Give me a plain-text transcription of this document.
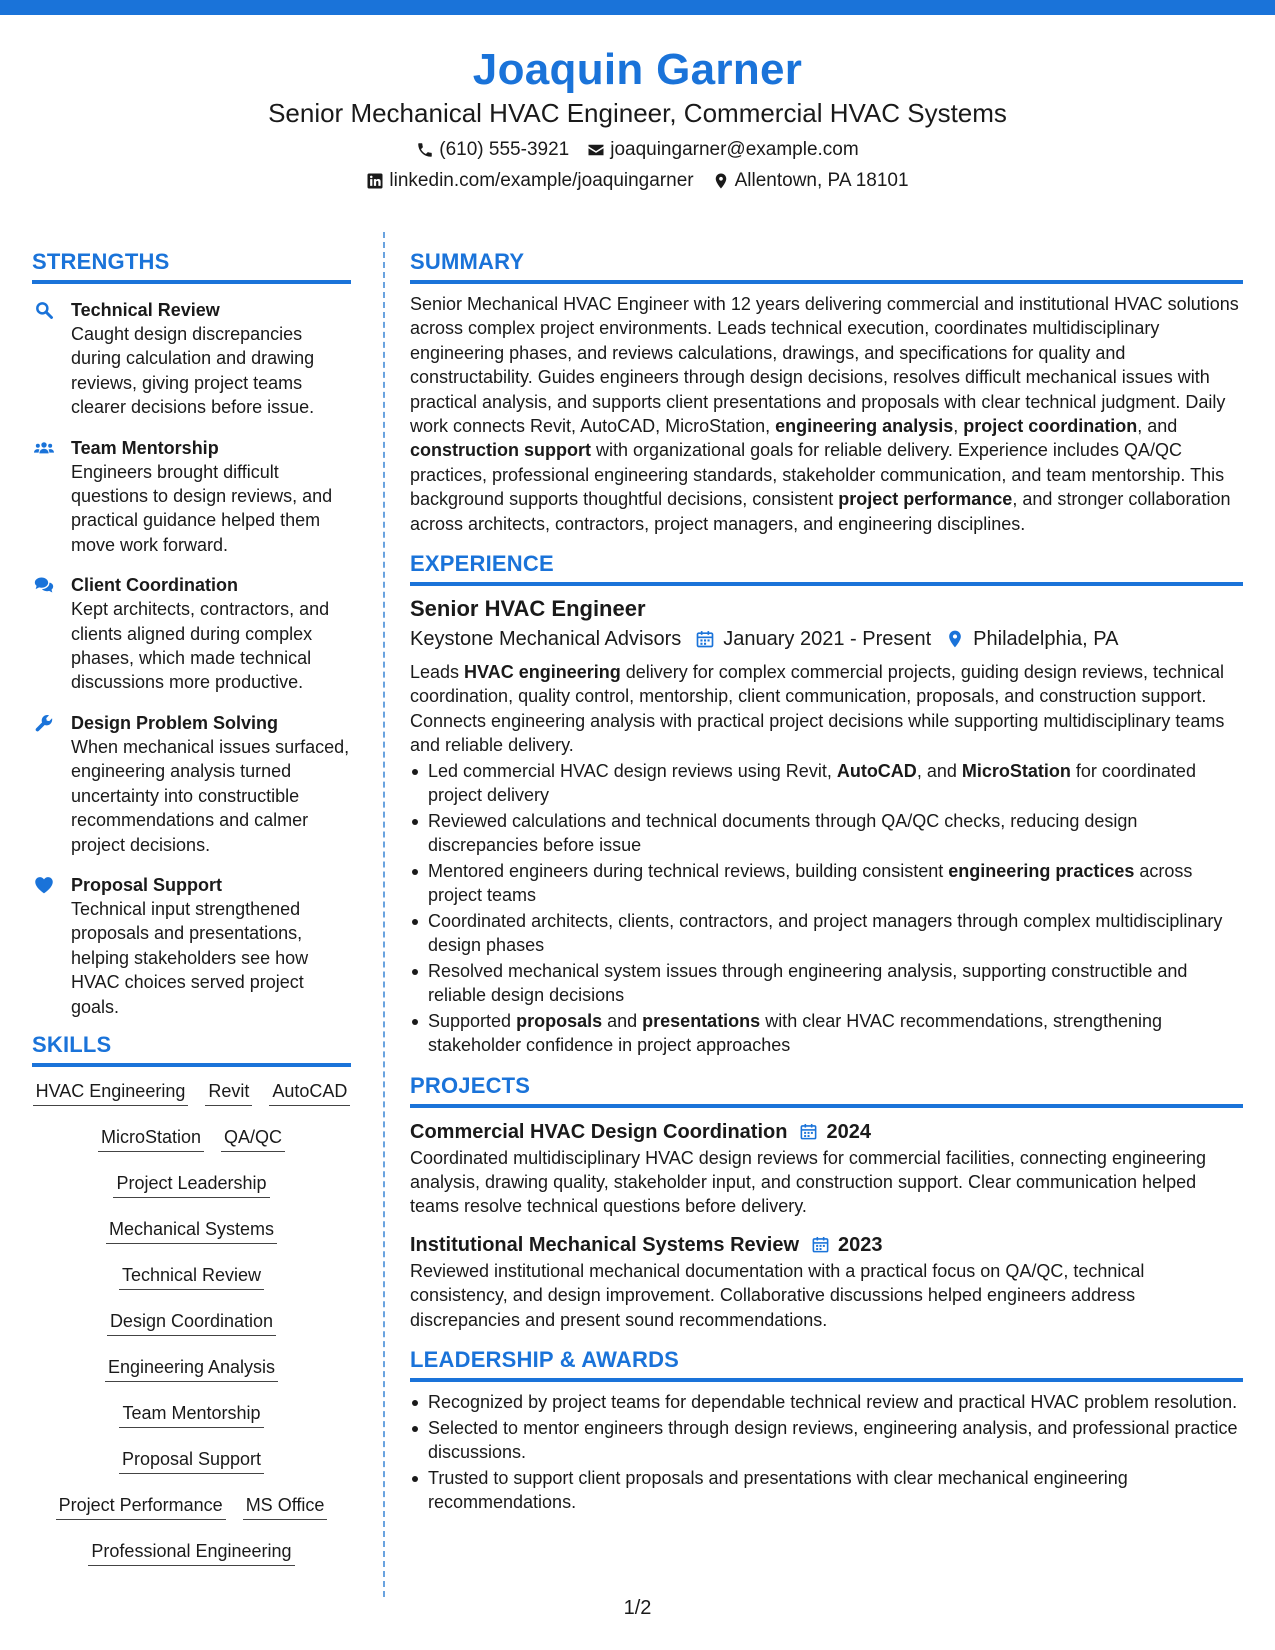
Joaquin Garner
Senior Mechanical HVAC Engineer, Commercial HVAC Systems
(610) 555-3921 joaquingarner@example.com
linkedin.com/example/joaquingarner Allentown, PA 18101
STRENGTHS
Technical Review
Caught design discrepancies during calculation and drawing reviews, giving project teams clearer decisions before issue.
Team Mentorship
Engineers brought difficult questions to design reviews, and practical guidance helped them move work forward.
Client Coordination
Kept architects, contractors, and clients aligned during complex phases, which made technical discussions more productive.
Design Problem Solving
When mechanical issues surfaced, engineering analysis turned uncertainty into constructible recommendations and calmer project decisions.
Proposal Support
Technical input strengthened proposals and presentations, helping stakeholders see how HVAC choices served project goals.
SKILLS
HVAC Engineering Revit AutoCAD
MicroStation QA/QC
Project Leadership
Mechanical Systems
Technical Review
Design Coordination
Engineering Analysis
Team Mentorship
Proposal Support
Project Performance MS Office
Professional Engineering
SUMMARY
Senior Mechanical HVAC Engineer with 12 years delivering commercial and institutional HVAC solutions across complex project environments. Leads technical execution, coordinates multidisciplinary engineering phases, and reviews calculations, drawings, and specifications for quality and constructability. Guides engineers through design decisions, resolves difficult mechanical issues with practical analysis, and supports client presentations and proposals with clear technical judgment. Daily work connects Revit, AutoCAD, MicroStation, engineering analysis, project coordination, and construction support with organizational goals for reliable delivery. Experience includes QA/QC practices, professional engineering standards, stakeholder communication, and team mentorship. This background supports thoughtful decisions, consistent project performance, and stronger collaboration across architects, contractors, project managers, and engineering disciplines.
EXPERIENCE
Senior HVAC Engineer
Keystone Mechanical Advisors January 2021 - Present Philadelphia, PA
Leads HVAC engineering delivery for complex commercial projects, guiding design reviews, technical coordination, quality control, mentorship, client communication, proposals, and construction support. Connects engineering analysis with practical project decisions while supporting multidisciplinary teams and reliable delivery.
Led commercial HVAC design reviews using Revit, AutoCAD, and MicroStation for coordinated project delivery
Reviewed calculations and technical documents through QA/QC checks, reducing design discrepancies before issue
Mentored engineers during technical reviews, building consistent engineering practices across project teams
Coordinated architects, clients, contractors, and project managers through complex multidisciplinary design phases
Resolved mechanical system issues through engineering analysis, supporting constructible and reliable design decisions
Supported proposals and presentations with clear HVAC recommendations, strengthening stakeholder confidence in project approaches
PROJECTS
Commercial HVAC Design Coordination 2024
Coordinated multidisciplinary HVAC design reviews for commercial facilities, connecting engineering analysis, drawing quality, stakeholder input, and construction support. Clear communication helped teams resolve technical questions before delivery.
Institutional Mechanical Systems Review 2023
Reviewed institutional mechanical documentation with a practical focus on QA/QC, technical consistency, and design improvement. Collaborative discussions helped engineers address discrepancies and present sound recommendations.
LEADERSHIP & AWARDS
Recognized by project teams for dependable technical review and practical HVAC problem resolution.
Selected to mentor engineers through design reviews, engineering analysis, and professional practice discussions.
Trusted to support client proposals and presentations with clear mechanical engineering recommendations.
1/2
